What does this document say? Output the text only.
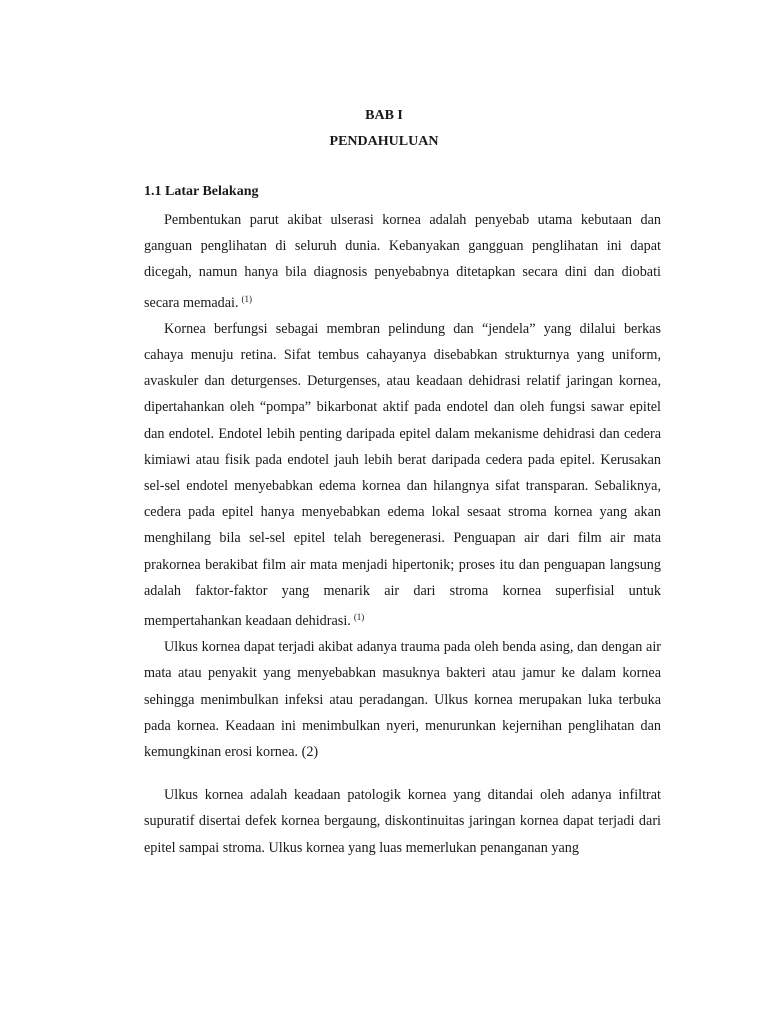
BAB I
PENDAHULUAN
1.1 Latar Belakang

Pembentukan parut akibat ulserasi kornea adalah penyebab utama kebutaan dan ganguan penglihatan di seluruh dunia. Kebanyakan gangguan penglihatan ini dapat dicegah, namun hanya bila diagnosis penyebabnya ditetapkan secara dini dan diobati secara memadai. $^{(1)}$

Kornea berfungsi sebagai membran pelindung dan “jendela” yang dilalui berkas cahaya menuju retina. Sifat tembus cahayanya disebabkan strukturnya yang uniform, avaskuler dan deturgenses. Deturgenses, atau keadaan dehidrasi relatif jaringan kornea, dipertahankan oleh “pompa” bikarbonat aktif pada endotel dan oleh fungsi sawar epitel dan endotel. Endotel lebih penting daripada epitel dalam mekanisme dehidrasi dan cedera kimiawi atau fisik pada endotel jauh lebih berat daripada cedera pada epitel. Kerusakan sel-sel endotel menyebabkan edema kornea dan hilangnya sifat transparan. Sebaliknya, cedera pada epitel hanya menyebabkan edema lokal sesaat stroma kornea yang akan menghilang bila sel-sel epitel telah beregenerasi. Penguapan air dari film air mata prakornea berakibat film air mata menjadi hipertonik; proses itu dan penguapan langsung adalah faktor-faktor yang menarik air dari stroma kornea superfisial untuk mempertahankan keadaan dehidrasi. $^{(1)}$

Ulkus kornea dapat terjadi akibat adanya trauma pada oleh benda asing, dan dengan air mata atau penyakit yang menyebabkan masuknya bakteri atau jamur ke dalam kornea sehingga menimbulkan infeksi atau peradangan. Ulkus kornea merupakan luka terbuka pada kornea. Keadaan ini menimbulkan nyeri, menurunkan kejernihan penglihatan dan kemungkinan erosi kornea. (2)

Ulkus kornea adalah keadaan patologik kornea yang ditandai oleh adanya infiltrat supuratif disertai defek kornea bergaung, diskontinuitas jaringan kornea dapat terjadi dari epitel sampai stroma. Ulkus kornea yang luas memerlukan penanganan yang
